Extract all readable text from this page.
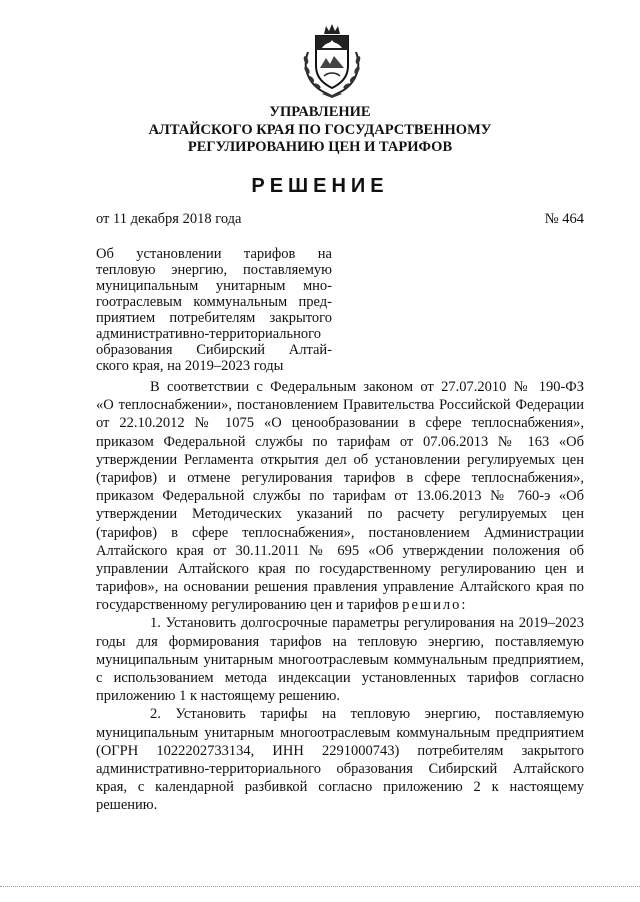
УПРАВЛЕНИЕ
АЛТАЙСКОГО КРАЯ ПО ГОСУДАРСТВЕННОМУ
РЕГУЛИРОВАНИЮ ЦЕН И ТАРИФОВ
РЕШЕНИЕ
от 11 декабря 2018 года	№ 464
Об установлении тарифов на
тепловую энергию, поставляемую
муниципальным унитарным мно-
гоотраслевым коммунальным пред-
приятием потребителям закрытого
административно-территориального
образования Сибирский Алтай-
ского края, на 2019–2023 годы
В соответствии с Федеральным законом от 27.07.2010 № 190-ФЗ
«О теплоснабжении», постановлением Правительства Российской Федерации
от 22.10.2012 № 1075 «О ценообразовании в сфере теплоснабжения»,
приказом Федеральной службы по тарифам от 07.06.2013 № 163 «Об
утверждении Регламента открытия дел об установлении регулируемых цен
(тарифов) и отмене регулирования тарифов в сфере теплоснабжения»,
приказом Федеральной службы по тарифам от 13.06.2013 № 760-э «Об
утверждении Методических указаний по расчету регулируемых цен
(тарифов) в сфере теплоснабжения», постановлением Администрации
Алтайского края от 30.11.2011 № 695 «Об утверждении положения об
управлении Алтайского края по государственному регулированию цен и
тарифов», на основании решения правления управление Алтайского края по
государственному регулированию цен и тарифов решило:
1. Установить долгосрочные параметры регулирования на 2019–2023
годы для формирования тарифов на тепловую энергию, поставляемую
муниципальным унитарным многоотраслевым коммунальным предприятием,
с использованием метода индексации установленных тарифов согласно
приложению 1 к настоящему решению.
2. Установить тарифы на тепловую энергию, поставляемую
муниципальным унитарным многоотраслевым коммунальным предприятием
(ОГРН 1022202733134, ИНН 2291000743) потребителям закрытого
административно-территориального образования Сибирский Алтайского
края, с календарной разбивкой согласно приложению 2 к настоящему
решению.
